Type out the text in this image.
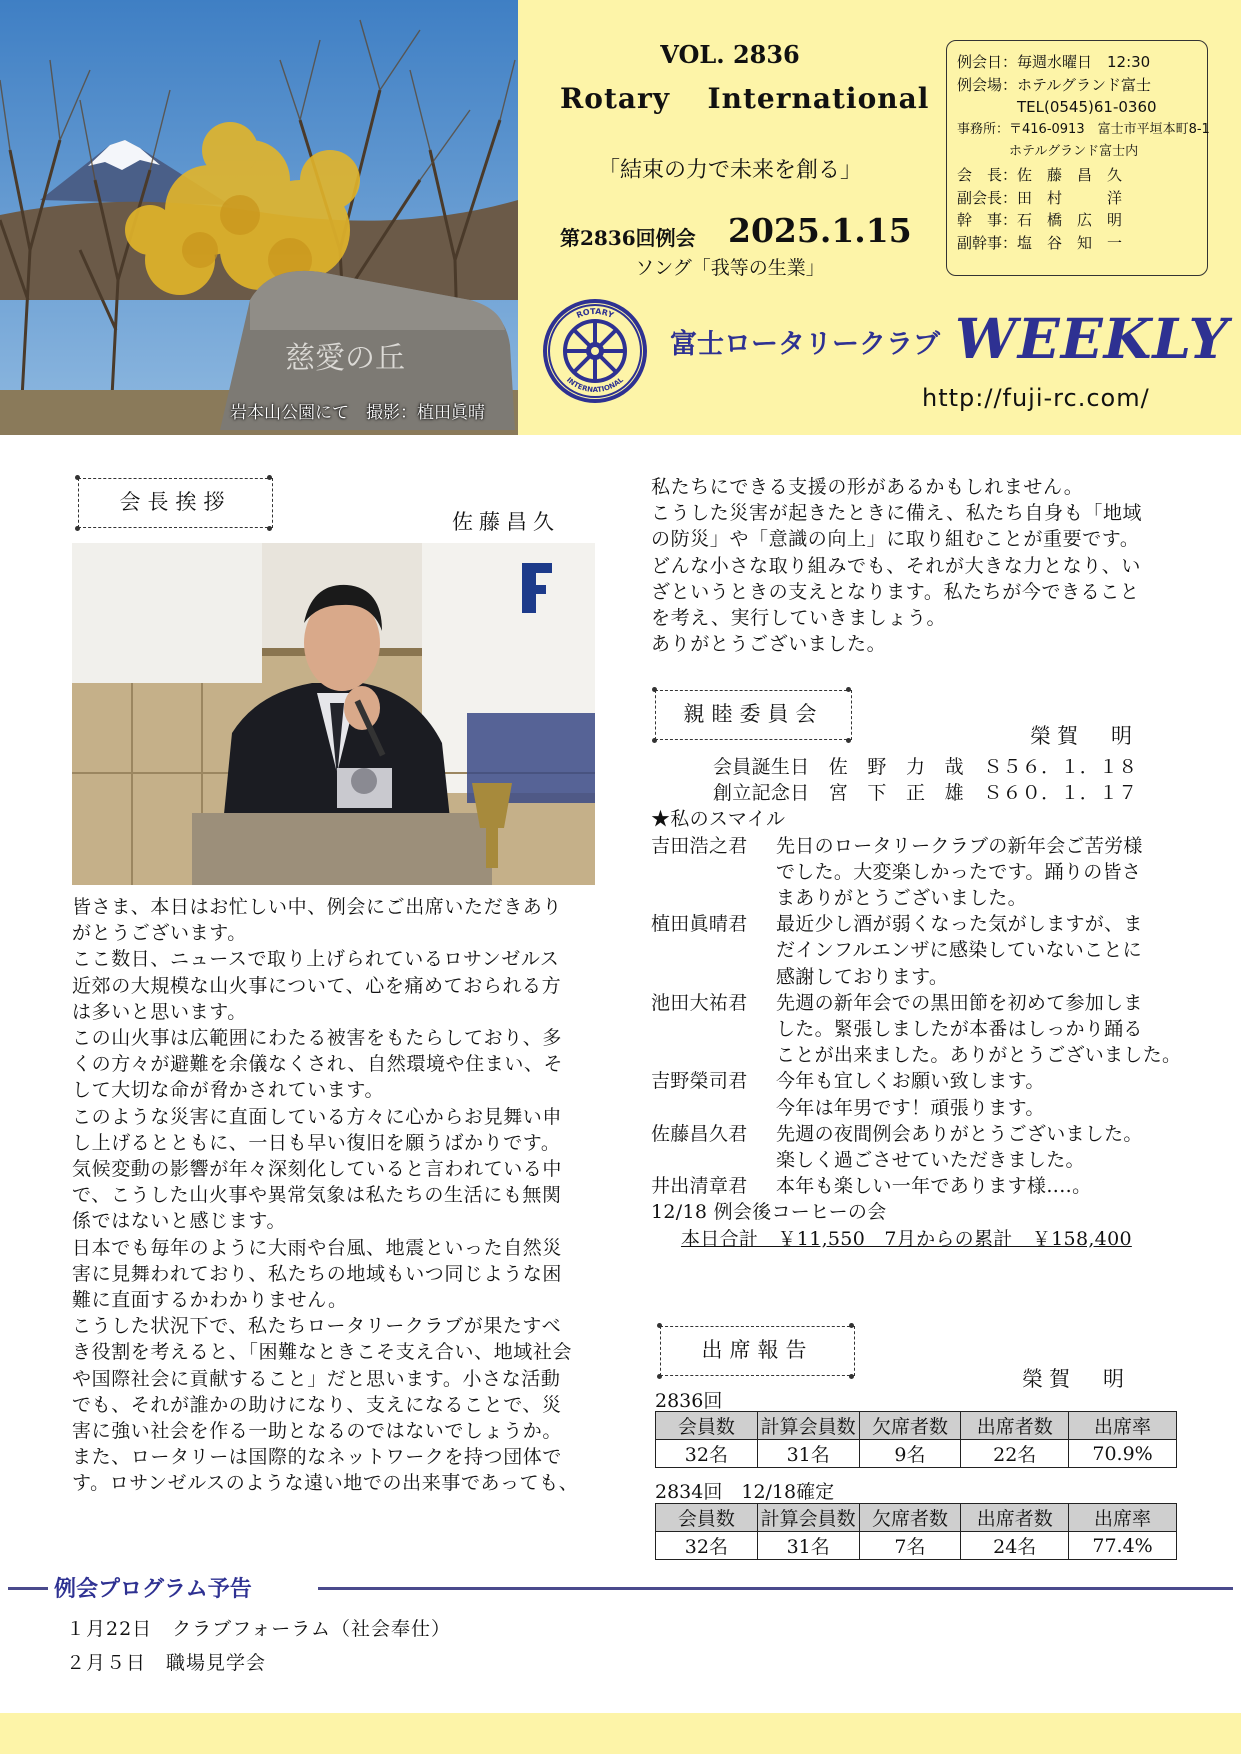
慈愛の丘
岩本山公園にて　撮影：植田眞晴
VOL. 2836
Rotary  International
「結束の力で未来を創る」
第2836回例会 2025.1.15
ソング「我等の生業」
例会日：毎週水曜日　12:30
例会場：ホテルグランド富士
　　　　TEL(0545)61-0360
事務所：〒416-0913　富士市平垣本町8-1
　　　　ホテルグランド富士内
会　長：佐　藤　昌　久
副会長：田　村　　　洋
幹　事：石　橋　広　明
副幹事：塩　谷　知　一
ROTARY
INTERNATIONAL
富士ロータリークラブ WEEKLY
http://fuji-rc.com/
会長挨拶
佐藤昌久

皆さま、本日はお忙しい中、例会にご出席いただきあり

がとうございます。

ここ数日、ニュースで取り上げられているロサンゼルス

近郊の大規模な山火事について、心を痛めておられる方

は多いと思います。

この山火事は広範囲にわたる被害をもたらしており、多

くの方々が避難を余儀なくされ、自然環境や住まい、そ

して大切な命が脅かされています。

このような災害に直面している方々に心からお見舞い申

し上げるとともに、一日も早い復旧を願うばかりです。

気候変動の影響が年々深刻化していると言われている中

で、こうした山火事や異常気象は私たちの生活にも無関

係ではないと感じます。

日本でも毎年のように大雨や台風、地震といった自然災

害に見舞われており、私たちの地域もいつ同じような困

難に直面するかわかりません。

こうした状況下で、私たちロータリークラブが果たすべ

き役割を考えると、「困難なときこそ支え合い、地域社会

や国際社会に貢献すること」だと思います。小さな活動

でも、それが誰かの助けになり、支えになることで、災

害に強い社会を作る一助となるのではないでしょうか。

また、ロータリーは国際的なネットワークを持つ団体で

す。ロサンゼルスのような遠い地での出来事であっても、

私たちにできる支援の形があるかもしれません。

こうした災害が起きたときに備え、私たち自身も「地域

の防災」や「意識の向上」に取り組むことが重要です。

どんな小さな取り組みでも、それが大きな力となり、い

ざというときの支えとなります。私たちが今できること

を考え、実行していきましょう。

ありがとうございました。

親睦委員会
榮賀　明

会員誕生日　佐　野　力　哉　Ｓ５６．１．１８

創立記念日　宮　下　正　雄　Ｓ６０．１．１７

★私のスマイル

吉田浩之君	先日のロータリークラブの新年会ご苦労様

でした。大変楽しかったです。踊りの皆さ

まありがとうございました。

植田眞晴君	最近少し酒が弱くなった気がしますが、ま

だインフルエンザに感染していないことに

感謝しております。

池田大祐君	先週の新年会での黒田節を初めて参加しま

した。緊張しましたが本番はしっかり踊る

ことが出来ました。ありがとうございました。

吉野榮司君	今年も宜しくお願い致します。

今年は年男です！頑張ります。

佐藤昌久君	先週の夜間例会ありがとうございました。

楽しく過ごさせていただきました。

井出清章君	本年も楽しい一年であります様‥‥。

12/18 例会後コーヒーの会

本日合計　￥11,550　7月からの累計　￥158,400

出席報告
榮賀　明
2836回
会員数	計算会員数	欠席者数	出席者数	出席率
32名	31名	9名	22名	70.9%
2834回　12/18確定
会員数	計算会員数	欠席者数	出席者数	出席率
32名	31名	7名	24名	77.4%
例会プログラム予告
１月22日　クラブフォーラム（社会奉仕）
２月５日　職場見学会
